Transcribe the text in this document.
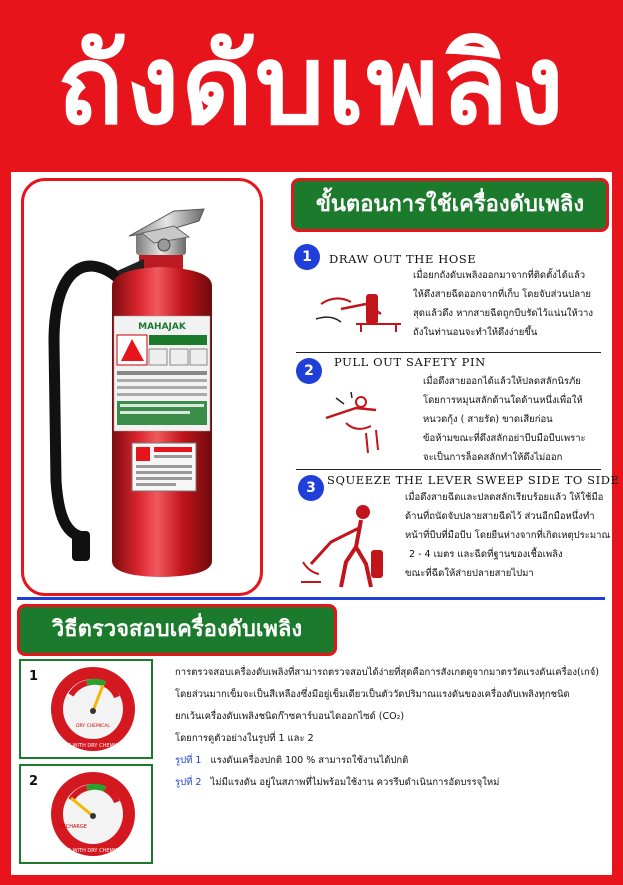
ถังดับเพลิง
MAHAJAK
ขั้นตอนการใช้เครื่องดับเพลิง
1	DRAW OUT THE HOSE
เมื่อยกถังดับเพลิงออกมาจากที่ติดตั้งได้แล้ว
ให้ดึงสายฉีดออกจากที่เก็บ โดยจับส่วนปลาย
สุดแล้วดึง หากสายฉีดถูกบีบรัดไว้แน่นให้วาง
ถังในท่านอนจะทำให้ดึงง่ายขึ้น
2
PULL OUT SAFETY PIN
เมื่อดึงสายออกได้แล้วให้ปลดสลักนิรภัย
โดยการหมุนสลักด้านใดด้านหนึ่งเพื่อให้
หนวดกุ้ง ( สายรัด) ขาดเสียก่อน
ข้อห้ามขณะที่ดึงสลักอย่าบีบมือบีบเพราะ
จะเป็นการล็อคสลักทำให้ดึงไม่ออก
3 SQUEEZE THE LEVER SWEEP SIDE TO SIDE
เมื่อดึงสายฉีดและปลดสลักเรียบร้อยแล้ว ให้ใช้มือ
ด้านที่ถนัดจับปลายสายฉีดไว้ ส่วนอีกมือหนึ่งทำ
หน้าที่บีบที่มือบีบ โดยยืนห่างจากที่เกิดเหตุประมาณ
2 - 4 เมตร และฉีดที่ฐานของเชื้อเพลิง
ขณะที่ฉีดให้ส่ายปลายสายไปมา
วิธีตรวจสอบเครื่องดับเพลิง
1
USE WITH DRY CHEMICAL
DRY CHEMICAL
2
RECHARGE
USE WITH DRY CHEMICAL
การตรวจสอบเครื่องดับเพลิงที่สามารถตรวจสอบได้ง่ายที่สุดคือการสังเกตดูจากมาตรวัดแรงดันเครื่อง(เกจ์)
โดยส่วนมากเข็มจะเป็นสีเหลืองซึ่งมีอยู่เข็มเดียวเป็นตัววัดปริมาณแรงดันของเครื่องดับเพลิงทุกชนิด
ยกเว้นเครื่องดับเพลิงชนิดก๊าซคาร์บอนไดออกไซด์ (CO₂)
โดยการดูตัวอย่างในรูปที่ 1 และ 2
รูปที่ 1 แรงดันเครื่องปกติ 100 % สามารถใช้งานได้ปกติ
รูปที่ 2 ไม่มีแรงดัน อยู่ในสภาพที่ไม่พร้อมใช้งาน ควรรีบดำเนินการอัดบรรจุใหม่
